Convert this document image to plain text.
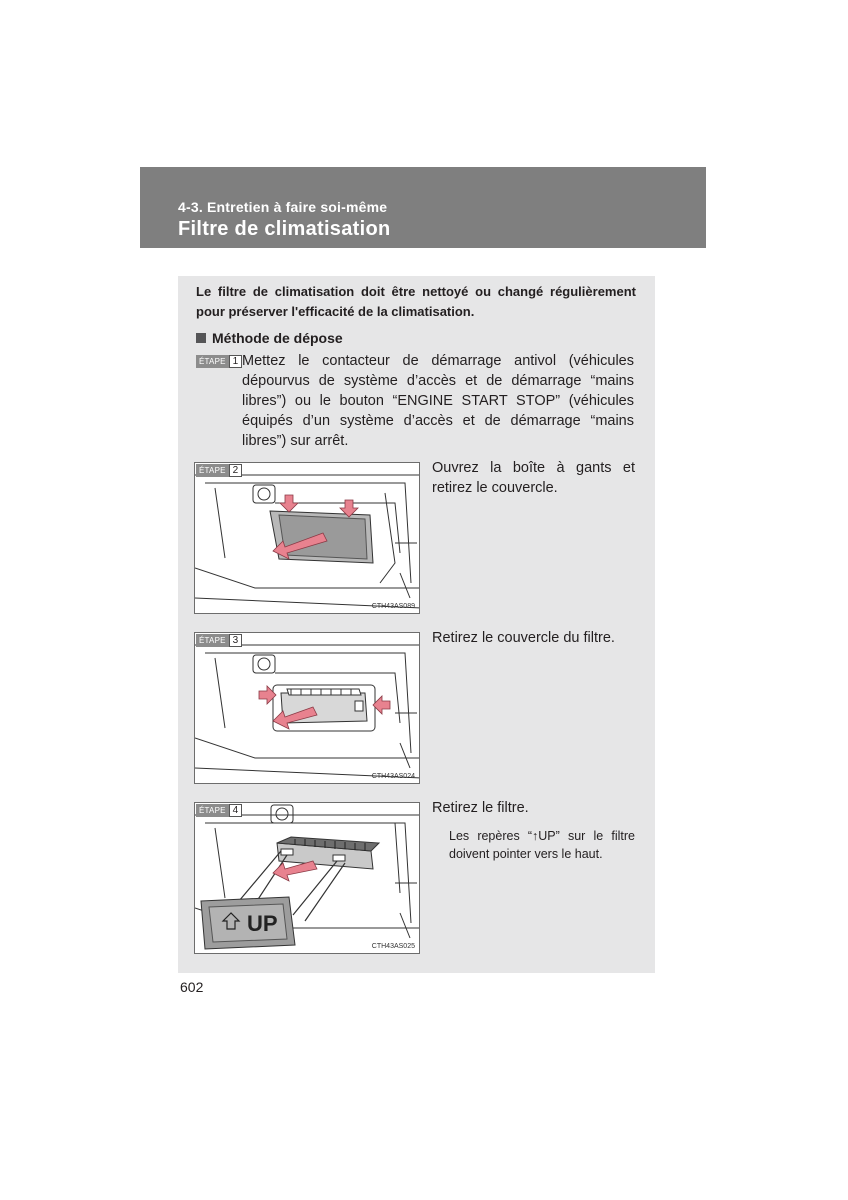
4-3. Entretien à faire soi-même
Filtre de climatisation
Le filtre de climatisation doit être nettoyé ou changé régulièrement pour préserver l'efficacité de la climatisation.
Méthode de dépose
ÉTAPE 1 Mettez le contacteur de démarrage antivol (véhicules dépourvus de système d’accès et de démarrage “mains libres”) ou le bouton “ENGINE START STOP” (véhicules équipés d’un système d’accès et de démarrage “mains libres”) sur arrêt.
ÉTAPE 2
CTH43AS089
Ouvrez la boîte à gants et retirez le couvercle.
ÉTAPE 3
CTH43AS024
Retirez le couvercle du filtre.
ÉTAPE 4
UP
CTH43AS025
Retirez le filtre.
Les repères “↑UP” sur le filtre doivent pointer vers le haut.
602
